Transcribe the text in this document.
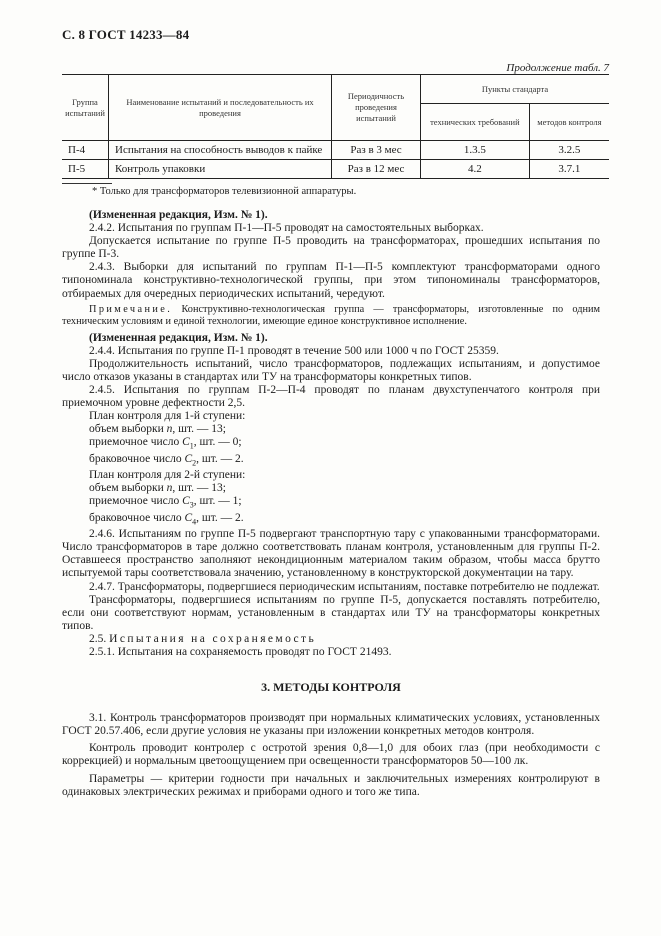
С. 8 ГОСТ 14233—84
Продолжение табл. 7
Группа испытаний	Наименование испытаний и последовательность их проведения	Периодичность проведения испытаний	Пункты стандарта	
			технических требований	методов контроля
П-4	Испытания на способность выводов к пайке	Раз в 3 мес	1.3.5	3.2.5
П-5	Контроль упаковки	Раз в 12 мес	4.2	3.7.1
* Только для трансформаторов телевизионной аппаратуры.

(Измененная редакция, Изм. № 1).

2.4.2. Испытания по группам П-1—П-5 проводят на самостоятельных выборках.

Допускается испытание по группе П-5 проводить на трансформаторах, прошедших испытания по группе П-3.

2.4.3. Выборки для испытаний по группам П-1—П-5 комплектуют трансформаторами одного типономинала конструктивно-технологической группы, при этом типономиналы трансформаторов, отбираемых для очередных периодических испытаний, чередуют.

Примечание. Конструктивно-технологическая группа — трансформаторы, изготовленные по одним техническим условиям и единой технологии, имеющие единое конструктивное исполнение.

(Измененная редакция, Изм. № 1).

2.4.4. Испытания по группе П-1 проводят в течение 500 или 1000 ч по ГОСТ 25359.

Продолжительность испытаний, число трансформаторов, подлежащих испытаниям, и допустимое число отказов указаны в стандартах или ТУ на трансформаторы конкретных типов.

2.4.5. Испытания по группам П-2—П-4 проводят по планам двухступенчатого контроля при приемочном уровне дефектности 2,5.

План контроля для 1-й ступени:

объем выборки n, шт. — 13;

приемочное число $C_1$, шт. — 0;

браковочное число $C_2$, шт. — 2.

План контроля для 2-й ступени:

объем выборки n, шт. — 13;

приемочное число $C_3$, шт. — 1;

браковочное число $C_4$, шт. — 2.

2.4.6. Испытаниям по группе П-5 подвергают транспортную тару с упакованными трансформаторами. Число трансформаторов в таре должно соответствовать планам контроля, установленным для группы П-2. Оставшееся пространство заполняют некондиционным материалом таким образом, чтобы масса брутто испытуемой тары соответствовала значению, установленному в конструкторской документации на тару.

2.4.7. Трансформаторы, подвергшиеся периодическим испытаниям, поставке потребителю не подлежат.

Трансформаторы, подвергшиеся испытаниям по группе П-5, допускается поставлять потребителю, если они соответствуют нормам, установленным в стандартах или ТУ на трансформаторы конкретных типов.

2.5. Испытания на сохраняемость

2.5.1. Испытания на сохраняемость проводят по ГОСТ 21493.

3. МЕТОДЫ КОНТРОЛЯ

3.1. Контроль трансформаторов производят при нормальных климатических условиях, установленных ГОСТ 20.57.406, если другие условия не указаны при изложении конкретных методов контроля.

Контроль проводит контролер с остротой зрения 0,8—1,0 для обоих глаз (при необходимости с коррекцией) и нормальным цветоощущением при освещенности трансформаторов 50—100 лк.

Параметры — критерии годности при начальных и заключительных измерениях контролируют в одинаковых электрических режимах и приборами одного и того же типа.
